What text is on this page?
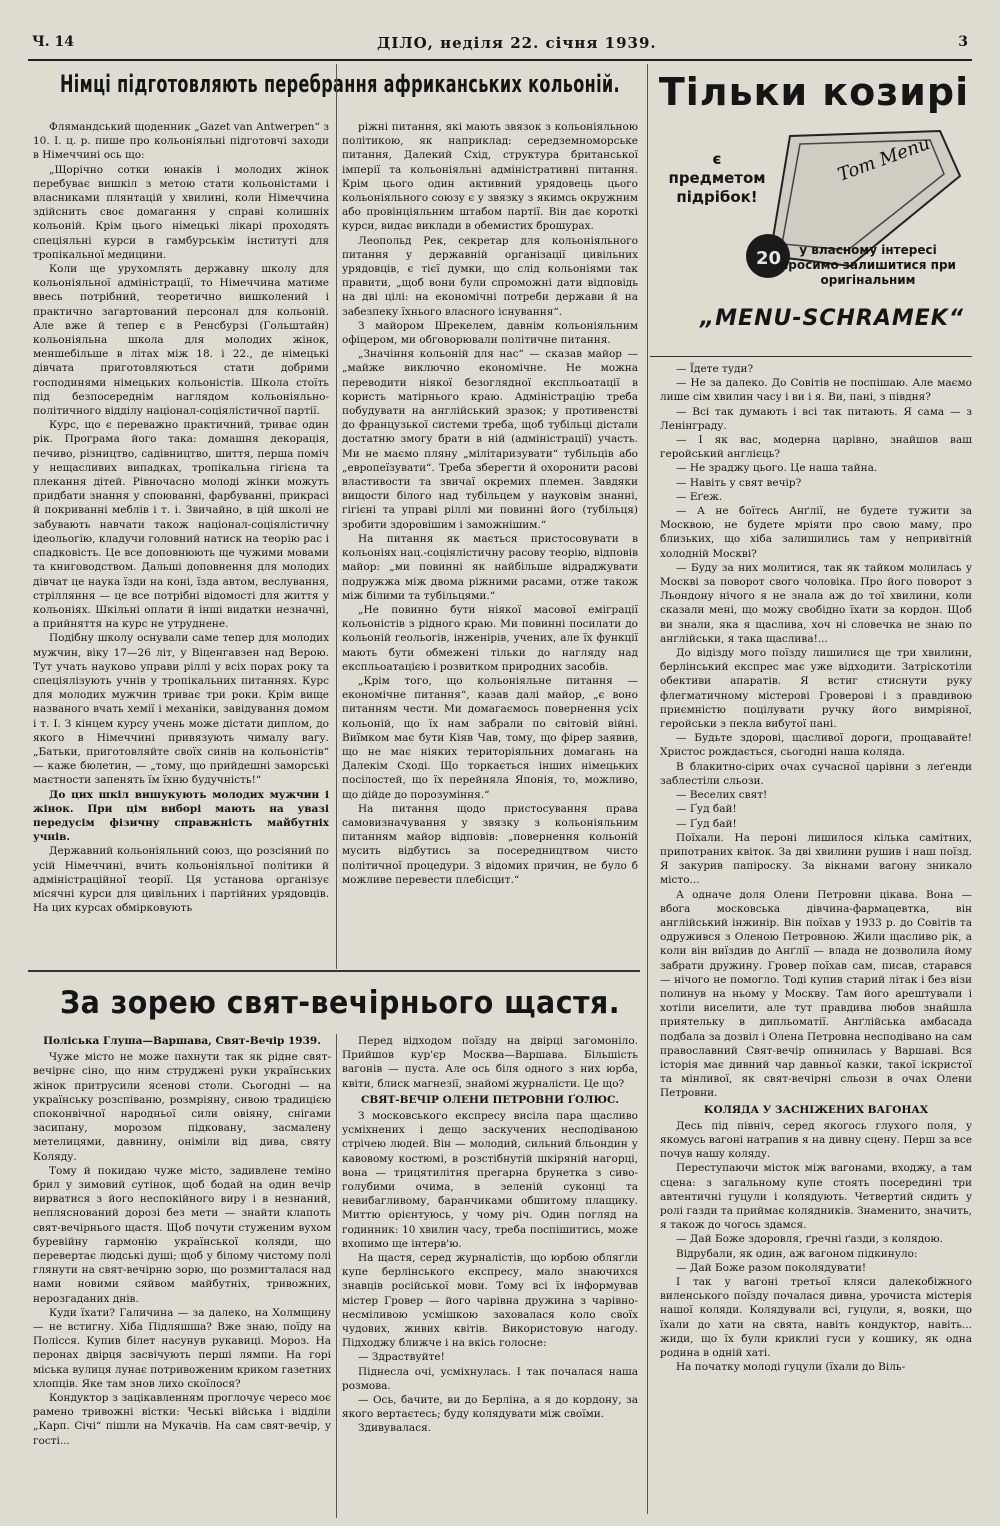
Ч. 14	ДІЛО, неділя 22. січня 1939.	3
Німці підготовляють перебрання африканських кольоній.

Флямандський щоденник „Gazet van Antwerpen“ з 10. І. ц. р. пише про кольоніяльні підготовчі заходи в Німеччині ось що:

„Щорічно сотки юнаків і молодих жінок перебуває вишкіл з метою стати кольоністами і власниками плянтацій у хвилині, коли Німеччина здійснить своє домагання у справі колишніх кольоній. Крім цього німецькі лікарі проходять спеціяльні курси в гамбурськім інституті для тропікальної медицини.

Коли ще урухомлять державну школу для кольоніяльної адміністрації, то Німеччина матиме ввесь потрібний, теоретично вишколений і практично загартований персонал для кольоній. Але вже й тепер є в Ренсбурзі (Гольштайн) кольоніяльна школа для молодих жінок, меншебільше в літах між 18. і 22., де німецькі дівчата приготовляються стати добрими господинями німецьких кольоністів. Школа стоїть під безпосереднім наглядом кольоніяльно-політичного відділу націонал-соціялістичної партії.

Курс, що є переважно практичний, триває один рік. Програма його така: домашня декорація, печиво, різництво, садівництво, шиття, перша поміч у нещасливих випадках, тропікальна гігієна та плекання дітей. Рівночасно молоді жінки можуть придбати знання у споюванні, фарбуванні, прикрасі й покриванні меблів і т. і. Звичайно, в цій школі не забувають навчати також націонал-соціялістичну ідеольогію, кладучи головний натиск на теорію рас і спадковість. Це все доповнюють ще чужими мовами та книговодством. Дальші доповнення для молодих дівчат це наука їзди на коні, їзда автом, веслування, стрілляння — це все потрібні відомості для життя у кольоніях. Шкільні оплати й інші видатки незначні, а прийняття на курс не утруднене.

Подібну школу оснували саме тепер для молодих мужчин, віку 17—26 літ, у Віценгавзен над Верою. Тут учать науково управи ріллі у всіх порах року та спеціялізують учнів у тропікальних питаннях. Курс для молодих мужчин триває три роки. Крім вище названого вчать хемії і механіки, завідування домом і т. І. З кінцем курсу учень може дістати диплом, до якого в Німеччині привязують чималу вагу. „Батьки, приготовляйте своїх синів на кольоністів“ — каже бюлетин, — „тому, що прийдешні заморські маєтности запенять їм їхню будучність!“

До цих шкіл вишукують молодих мужчин і жінок. При цім виборі мають на увазі передусім фізичну справжність майбутніх учнів.

Державний кольоніяльний союз, що розсіяний по усій Німеччині, вчить кольоніяльної політики й адміністраційної теорії. Ця установа організує місячні курси для цивільних і партійних урядовців. На цих курсах обмірковують

ріжні питання, які мають звязок з кольоніяльною політикою, як наприклад: середземноморське питання, Далекий Схід, структура британської імперії та кольоніяльні адміністративні питання. Крім цього один активний урядовець цього кольоніяльного союзу є у звязку з якимсь окружним або провінціяльним штабом партії. Він дає короткі курси, видає виклади в обемистих брошурах.

Леопольд Рек, секретар для кольоніяльного питання у державній організації цивільних урядовців, є тієї думки, що слід кольоніями так правити, „щоб вони були спроможні дати відповідь на дві цілі: на економічні потреби держави й на забезпеку їхнього власного існування“.

З майором Шрекелем, давнім кольоніяльним офіцером, ми обговорювали політичне питання.

„Значіння кольоній для нас“ — сказав майор — „майже виключно економічне. Не можна переводити ніякої безоглядної експльоатації в користь матірнього краю. Адміністрацію треба побудувати на англійський зразок; у противенстві до французької системи треба, щоб тубільці дістали достатню змогу брати в ній (адміністрації) участь. Ми не маємо пляну „мілітаризувати“ тубільців або „европеїзувати“. Треба зберегти й охоронити расові властивости та звичаї окремих племен. Завдяки вищости білого над тубільцем у науковім знанні, гігієні та управі ріллі ми повинні його (тубільця) зробити здоровішим і заможнішим.“

На питання як мається пристосовувати в кольоніях нац.-соціялістичну расову теорію, відповів майор: „ми повинні як найбільше відраджувати подружжа між двома ріжними расами, отже також між білими та тубільцями.“

„Не повинно бути ніякої масової еміграції кольоністів з рідного краю. Ми повинні посилати до кольоній геольогів, інженірів, учених, але їх функції мають бути обмежені тільки до нагляду над експльоатацією і розвитком природних засобів.

„Крім того, що кольоніяльне питання — економічне питання“, казав далі майор, „є воно питанням чести. Ми домагаємось повернення усіх кольоній, що їх нам забрали по світовій війні. Виїмком має бути Кіяв Чав, тому, що фірер заявив, що не має ніяких територіяльних домагань на Далекім Сході. Що торкається інших німецьких посілостей, що їх перейняла Японія, то, можливо, що дійде до порозуміння.“

На питання щодо пристосування права самовизначування у звязку з кольоніяльним питанням майор відповів: „повернення кольоній мусить відбутись за посередництвом чисто політичної процедури. З відомих причин, не було б можливе перевести плебісцит.“

Тільки козирі
Tom Menu
20
є предметом підрібок!
у власному інтересі просимо залишитися при оригінальним
„MENU-SCHRAMEK“

— Їдете туди?

— Не за далеко. До Совітів не поспішаю. Але маємо лише сім хвилин часу і ви і я. Ви, пані, з півдня?

— Всі так думають і всі так питають. Я сама — з Ленінграду.

— І як вас, модерна царівно, знайшов ваш геройський англієць?

— Не зраджу цього. Це наша тайна.

— Навіть у свят вечір?

— Еґеж.

— А не боїтесь Анґлії, не будете тужити за Москвою, не будете мріяти про свою маму, про близьких, що хіба залишились там у непривітній холодній Москві?

— Буду за них молитися, так як тайком молилась у Москві за поворот свого чоловіка. Про його поворот з Льондону нічого я не знала аж до тої хвилини, коли сказали мені, що можу свобідно їхати за кордон. Щоб ви знали, яка я щаслива, хоч ні словечка не знаю по анґлійськи, я така щаслива!...

До відізду мого поїзду лишилися ще три хвилини, берлінський експрес має уже відходити. Затріскотіли обективи апаратів. Я встиг стиснути руку флегматичному містерові Гроверові і з правдивою приємністю поцілувати ручку його вимріяної, геройськи з пекла вибутої пані.

— Будьте здорові, щасливої дороги, прощавайте! Христос рождається, сьогодні наша коляда.

В блакитно-сірих очах сучасної царівни з леґенди заблестіли сльози.

— Веселих свят!

— Ґуд бай!

— Ґуд бай!

Поїхали. На пероні лишилося кілька самітних, припотраних квіток. За дві хвилини рушив і наш поїзд. Я закурив папіроску. За вікнами вагону зникало місто...

А одначе доля Олени Петровни цікава. Вона — вбога московська дівчина-фармацевтка, він англійський інжинір. Він поїхав у 1933 р. до Совітів та одружився з Оленою Петровною. Жили щасливо рік, а коли він виїздив до Анґлії — влада не дозволила йому забрати дружину. Гровер поїхав сам, писав, старався — нічого не помогло. Тоді купив старий літак і без візи полинув на ньому у Москву. Там його арештували і хотіли виселити, але тут правдива любов знайшла приятельку в дипльоматії. Анґлійська амбасада подбала за дозвіл і Олена Петровна несподівано на сам православний Свят-вечір опинилась у Варшаві. Вся історія має дивний чар давньої казки, такої іскристої та мінливої, як свят-вечірні сльози в очах Олени Петровни.

КОЛЯДА У ЗАСНІЖЕНИХ ВАГОНАХ

Десь під північ, серед якогось глухого поля, у якомусь вагоні натрапив я на дивну сцену. Перш за все почув нашу коляду.

Переступаючи місток між вагонами, входжу, а там сцена: з загальному купе стоять посередині три автентичні гуцули і колядують. Четвертий сидить у ролі газди та приймає колядників. Знаменито, значить, я також до чогось здамся.

— Дай Боже здоровля, ґречні ґазди, з колядою.

Відрубали, як один, аж вагоном підкинуло:

— Дай Боже разом поколядувати!

І так у вагоні третьої кляси далекобіжного виленського поїзду почалася дивна, урочиста містерія нашої коляди. Колядували всі, гуцули, я, вояки, що їхали до хати на свята, навіть кондуктор, навіть... жиди, що їх були криклиі гуси у кошику, як одна родина в одній хаті.

На початку молоді гуцули (їхали до Віль-

За зорею свят-вечірнього щастя.
Поліська Глуша—Варшава, Свят-Вечір 1939.

Чуже місто не може пахнути так як рідне свят-вечірнє сіно, що ним струджені руки українських жінок притрусили ясенові столи. Сьогодні — на українську розспіваню, розмріяну, сивою традицією споконвічної народньої сили овіяну, снігами засипану, морозом підковану, засмалену метелицями, давнину, оніміли від дива, святу Коляду.

Тому й покидаю чуже місто, задивлене теміно брил у зимовий сутінок, щоб бодай на один вечір вирватися з його неспокійного виру і в незнаний, непляснований дорозі без мети — знайти клапоть свят-вечірнього щастя. Щоб почути стуженим вухом буревійну гармонію української коляди, що перевертає людські душі; щоб у білому чистому полі глянути на свят-вечірню зорю, що розмигталася над нами новими сяйвом майбутніх, тривожних, нерозгаданих днів.

Куди їхати? Галичина — за далеко, на Холмщину — не встигну. Хіба Підляшша? Вже знаю, поїду на Полісся. Купив білет насунув рукавиці. Мороз. На перонах двірця засвічують перші лямпи. На горі міська вулиця лунає потривоженим криком газетних хлопців. Яке там знов лихо скоїлося?

Кондуктор з зацікавленням проглочує чересо моє рамено тривожні вістки: Чеські війська і відділи „Карп. Січі“ пішли на Мукачів. На сам свят-вечір, у гості...

Перед відходом поїзду на двірці загомоніло. Прийшов кур'єр Москва—Варшава. Більшість вагонів — пуста. Але ось біля одного з них юрба, квіти, блиск магнезії, знайомі журналісти. Це що?

СВЯТ-ВЕЧІР ОЛЕНИ ПЕТРОВНИ ҐОЛЮС.

З московського експресу висіла пара щасливо усміхнених і дещо заскучених несподіваною стрічею людей. Він — молодий, сильний бльондин у кавовому костюмі, в розстібнутій шкіряній нагорці, вона — трицятилітня прегарна брунетка з сиво-голубими очима, в зеленій суконці та невибагливому, баранчиками обшитому плащику. Миттю орієнтуюсь, у чому річ. Один погляд на годинник: 10 хвилин часу, треба поспішитись, може вхопимо ще інтерв'ю.

На щастя, серед журналістів, що юрбою обляґли купе берлінського експресу, мало знаючихся знавців російської мови. Тому всі їх інформував містер Гровер — його чарівна дружина з чарівно-несміливою усмішкою заховалася коло своїх чудових, живих квітів. Використовую нагоду. Підходжу ближче і на вкісь голосне:

— Здраствуйте!

Піднесла очі, усміхнулась. І так почалася наша розмова.

— Ось, бачите, ви до Берліна, а я до кордону, за якого вертаєтесь; буду колядувати між своїми.

Здивувалася.
